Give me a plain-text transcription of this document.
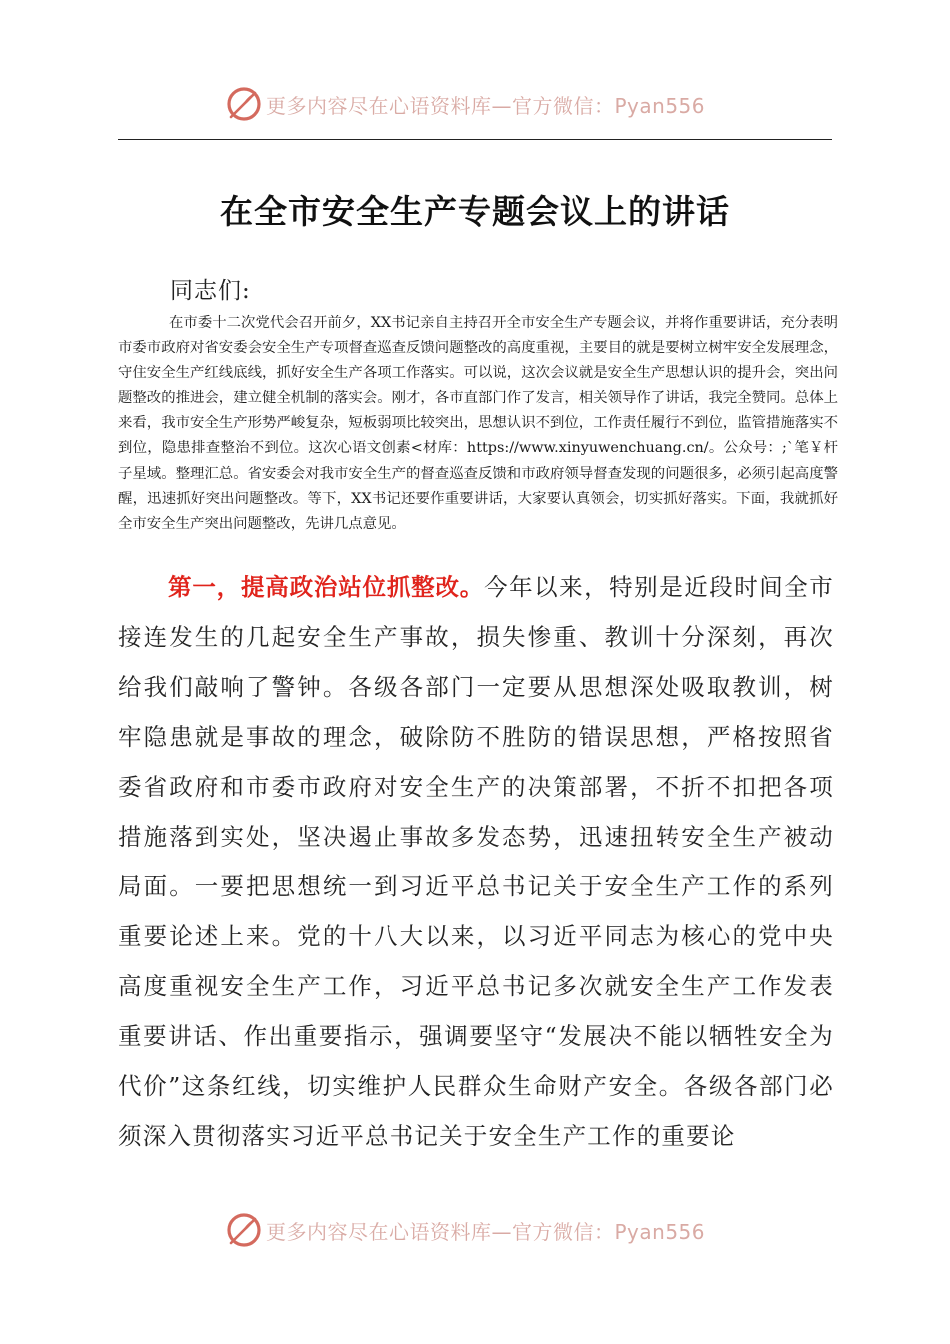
更多内容尽在心语资料库—官方微信：Pyan556
在全市安全生产专题会议上的讲话
同志们:

在市委十二次党代会召开前夕，XX书记亲自主持召开全市安全生产专题会议，并将作重要讲话，充分表明市委市政府对省安委会安全生产专项督查巡查反馈问题整改的高度重视，主要目的就是要树立树牢安全发展理念，守住安全生产红线底线，抓好安全生产各项工作落实。可以说，这次会议就是安全生产思想认识的提升会，突出问题整改的推进会，建立健全机制的落实会。刚才，各市直部门作了发言，相关领导作了讲话，我完全赞同。总体上来看，我市安全生产形势严峻复杂，短板弱项比较突出，思想认识不到位，工作责任履行不到位，监管措施落实不到位，隐患排查整治不到位。这次心语文创素<材库：https://www.xinyuwenchuang.cn/。公众号：;`笔￥杆子星域。整理汇总。省安委会对我市安全生产的督查巡查反馈和市政府领导督查发现的问题很多，必须引起高度警醒，迅速抓好突出问题整改。等下，XX书记还要作重要讲话，大家要认真领会，切实抓好落实。下面，我就抓好全市安全生产突出问题整改，先讲几点意见。

第一，提高政治站位抓整改。今年以来，特别是近段时间全市接连发生的几起安全生产事故，损失惨重、教训十分深刻，再次给我们敲响了警钟。各级各部门一定要从思想深处吸取教训，树牢隐患就是事故的理念，破除防不胜防的错误思想，严格按照省委省政府和市委市政府对安全生产的决策部署，不折不扣把各项措施落到实处，坚决遏止事故多发态势，迅速扭转安全生产被动局面。一要把思想统一到习近平总书记关于安全生产工作的系列重要论述上来。党的十八大以来，以习近平同志为核心的党中央高度重视安全生产工作，习近平总书记多次就安全生产工作发表重要讲话、作出重要指示，强调要坚守“发展决不能以牺牲安全为代价”这条红线，切实维护人民群众生命财产安全。各级各部门必须深入贯彻落实习近平总书记关于安全生产工作的重要论

更多内容尽在心语资料库—官方微信：Pyan556
